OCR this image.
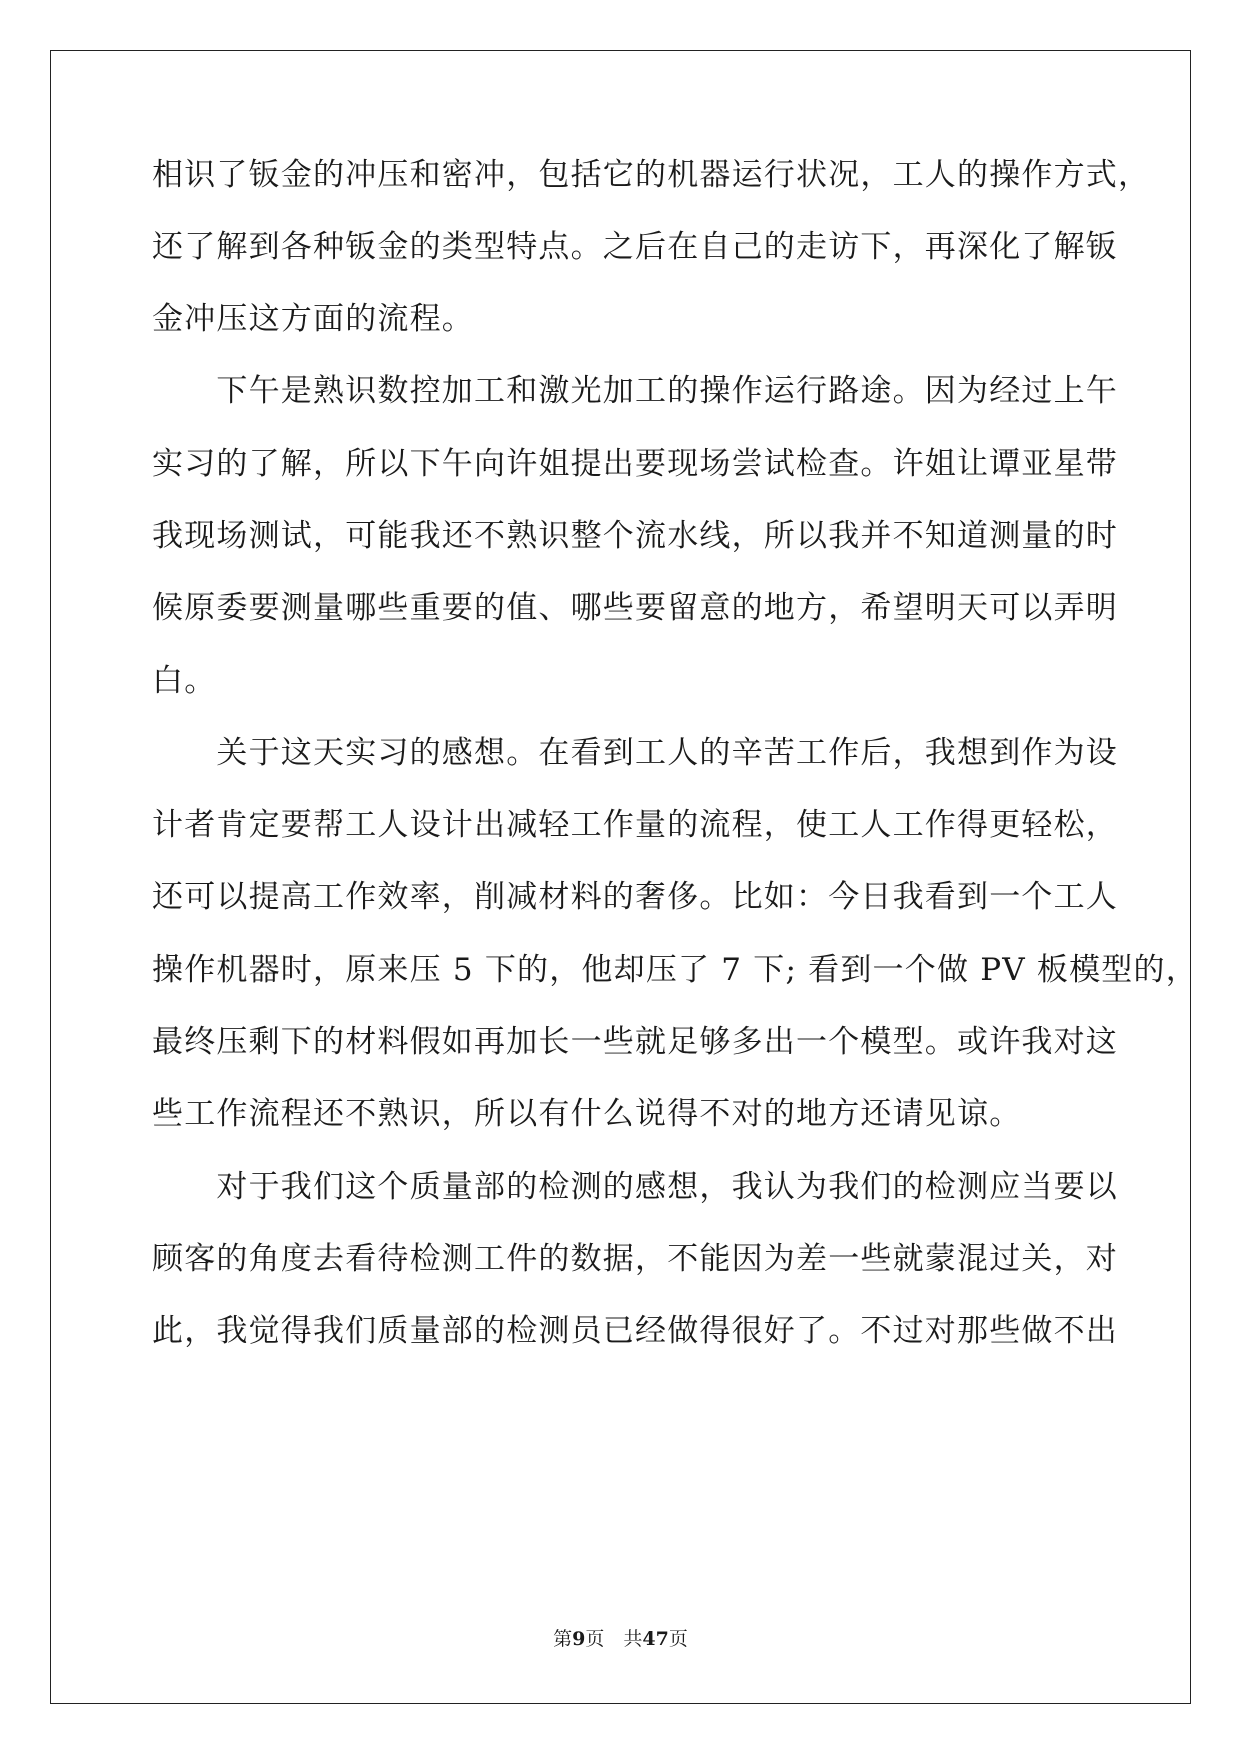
相识了钣金的冲压和密冲，包括它的机器运行状况，工人的操作方式，
还了解到各种钣金的类型特点。之后在自己的走访下，再深化了解钣
金冲压这方面的流程。
　　下午是熟识数控加工和激光加工的操作运行路途。因为经过上午
实习的了解，所以下午向许姐提出要现场尝试检查。许姐让谭亚星带
我现场测试，可能我还不熟识整个流水线，所以我并不知道测量的时
候原委要测量哪些重要的值、哪些要留意的地方，希望明天可以弄明
白。
　　关于这天实习的感想。在看到工人的辛苦工作后，我想到作为设
计者肯定要帮工人设计出减轻工作量的流程，使工人工作得更轻松，
还可以提高工作效率，削减材料的奢侈。比如：今日我看到一个工人
操作机器时，原来压 5 下的，他却压了 7 下; 看到一个做 PV 板模型的，
最终压剩下的材料假如再加长一些就足够多出一个模型。或许我对这
些工作流程还不熟识，所以有什么说得不对的地方还请见谅。
　　对于我们这个质量部的检测的感想，我认为我们的检测应当要以
顾客的角度去看待检测工件的数据，不能因为差一些就蒙混过关，对
此，我觉得我们质量部的检测员已经做得很好了。不过对那些做不出
第9页　共47页
